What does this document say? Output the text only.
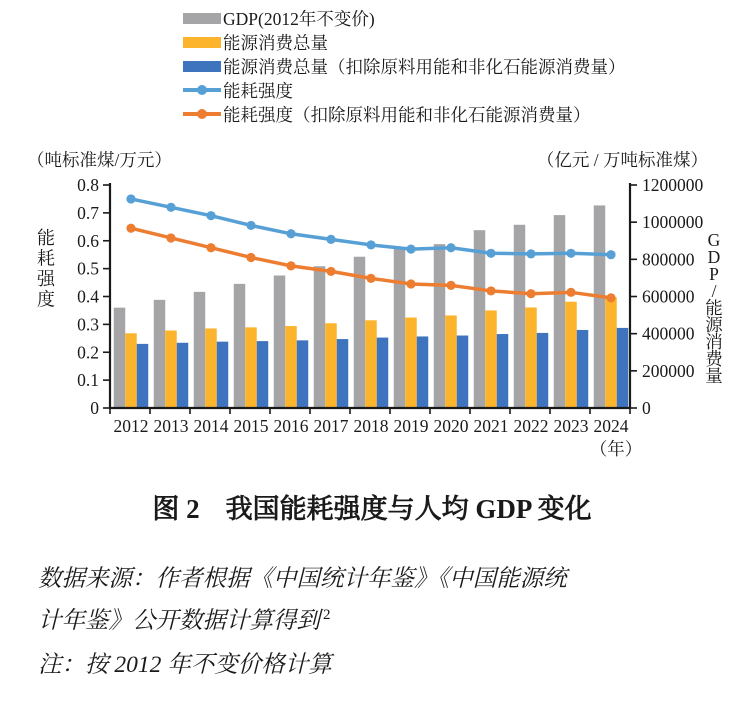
GDP(2012年不变价)
能源消费总量
能源消费总量（扣除原料用能和非化石能源消费量）
能耗强度
能耗强度（扣除原料用能和非化石能源消费量）
0
0.1
0.2
0.3
0.4
0.5
0.6
0.7
0.8
0
200000
400000
600000
800000
1000000
1200000
2012 2013 2014 2015 2016 2017 2018 2019 2020 2021 2022 2023 2024
（年）
（吨标准煤/万元）	（亿元 / 万吨标准煤）
能
耗
强
度
G
D
P
/
能
源
消
费
量
图 2 我国能耗强度与人均 GDP 变化
数据来源：作者根据《中国统计年鉴》《中国能源统
计年鉴》公开数据计算得到 $^2$
注：按 2012 年不变价格计算
